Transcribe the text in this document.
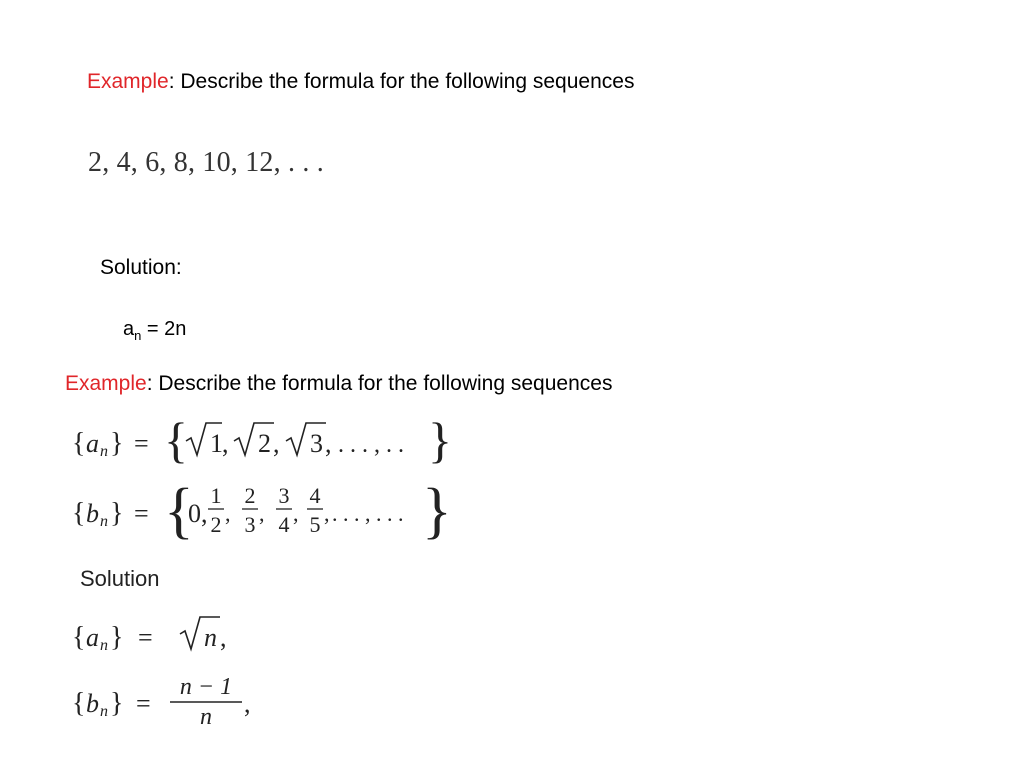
Example: Describe the formula for the following sequences
2, 4, 6, 8, 10, 12, . . .
Solution:
$a_n = 2n$
Example: Describe the formula for the following sequences
{ a n } = { 1 , 2 , 3 , . . . , . . }
{ b n } = {
0,
1
2 ,
2
3 ,
3
4 ,
4
5 , . . . , . . . }
Solution
{ a n } = n ,
{ b n } =
n − 1
n ,
